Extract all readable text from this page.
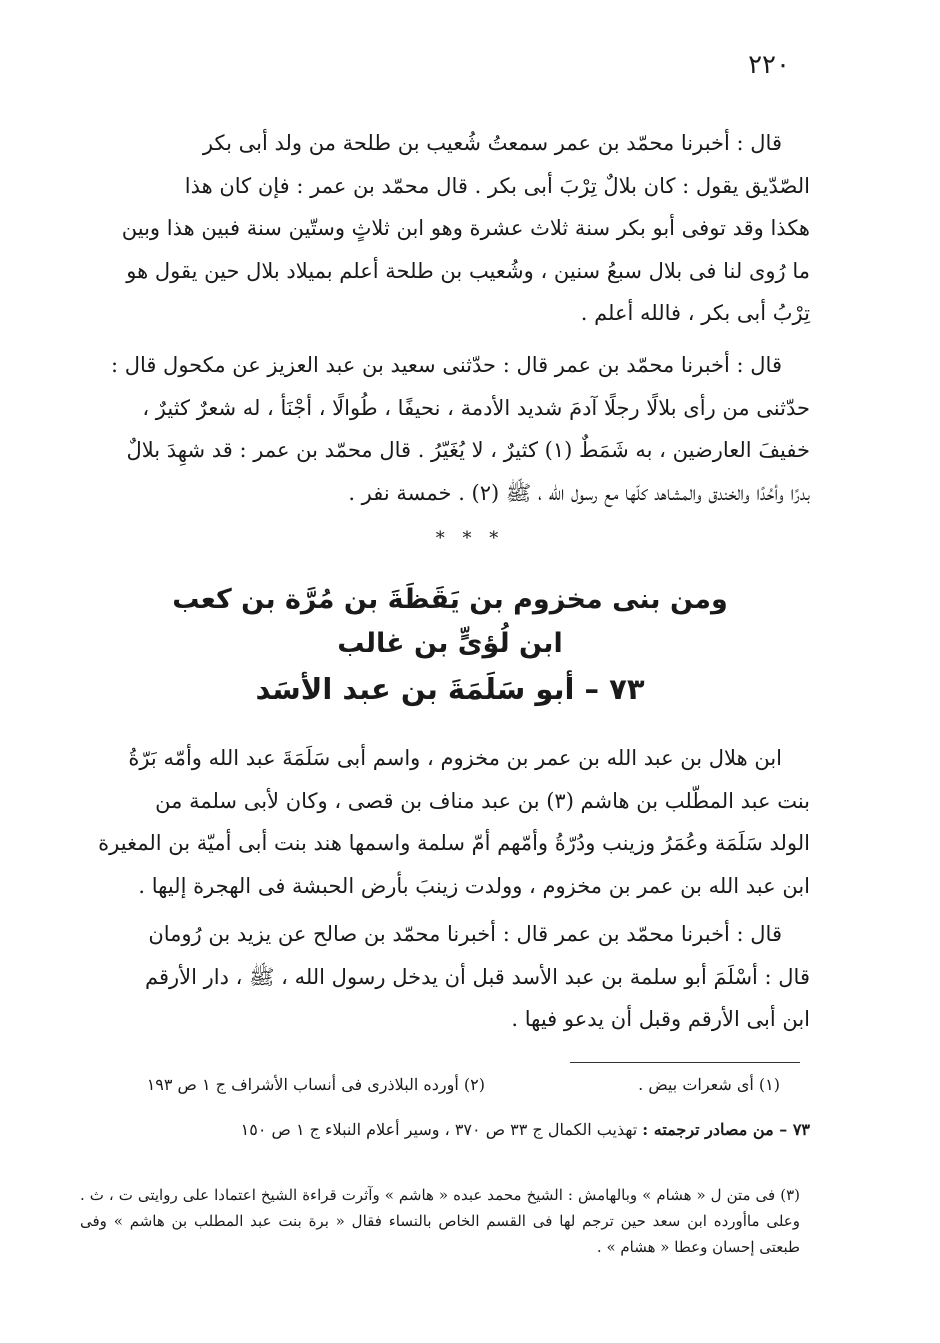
٢٢٠

قال : أخبرنا محمّد بن عمر سمعتُ شُعيب بن طلحة من ولد أبى بكر

الصّدّيق يقول : كان بلالٌ تِرْبَ أبى بكر . قال محمّد بن عمر : فإن كان هذا

هكذا وقد توفى أبو بكر سنة ثلاث عشرة وهو ابن ثلاثٍ وستّين سنة فبين هذا وبين

ما رُوى لنا فى بلال سبعُ سنين ، وشُعيب بن طلحة أعلم بميلاد بلال حين يقول هو

تِرْبُ أبى بكر ، فالله أعلم .

قال : أخبرنا محمّد بن عمر قال : حدّثنى سعيد بن عبد العزيز عن مكحول قال :

حدّثنى من رأى بلالًا رجلًا آدمَ شديد الأدمة ، نحيفًا ، طُوالًا ، أجْنَأ ، له شعرٌ كثيرٌ ،

خفيفَ العارضين ، به شَمَطٌ (١) كثيرٌ ، لا يُغَيّرُ . قال محمّد بن عمر : قد شهِدَ بلالٌ

بدرًا وأحُدًا والخندق والمشاهد كلّها مع رسول الله ، ﷺ (٢) . خمسة نفر .

* * *
ومن بنى مخزوم بن يَقَظَةَ بن مُرَّة بن كعب
ابن لُؤىٍّ بن غالب
٧٣ – أبو سَلَمَةَ بن عبد الأسَد

ابن هلال بن عبد الله بن عمر بن مخزوم ، واسم أبى سَلَمَةَ عبد الله وأمّه بَرّةُ

بنت عبد المطّلب بن هاشم (٣) بن عبد مناف بن قصى ، وكان لأبى سلمة من

الولد سَلَمَة وعُمَرُ وزينب ودُرّةُ وأمّهم أمّ سلمة واسمها هند بنت أبى أميّة بن المغيرة

ابن عبد الله بن عمر بن مخزوم ، وولدت زينبَ بأرض الحبشة فى الهجرة إليها .

قال : أخبرنا محمّد بن عمر قال : أخبرنا محمّد بن صالح عن يزيد بن رُومان

قال : أسْلَمَ أبو سلمة بن عبد الأسد قبل أن يدخل رسول الله ، ﷺ ، دار الأرقم

ابن أبى الأرقم وقبل أن يدعو فيها .

(١) أى شعرات بيض .
(٢) أورده البلاذرى فى أنساب الأشراف ج ١ ص ١٩٣
٧٣ – من مصادر ترجمته : تهذيب الكمال ج ٣٣ ص ٣٧٠ ، وسير أعلام النبلاء ج ١ ص ١٥٠
(٣) فى متن ل « هشام » وبالهامش : الشيخ محمد عبده « هاشم » وآثرت قراءة الشيخ اعتمادا على روايتى ت ، ث . وعلى ماأورده ابن سعد حين ترجم لها فى القسم الخاص بالنساء فقال « برة بنت عبد المطلب بن هاشم » وفى طبعتى إحسان وعطا « هشام » .
